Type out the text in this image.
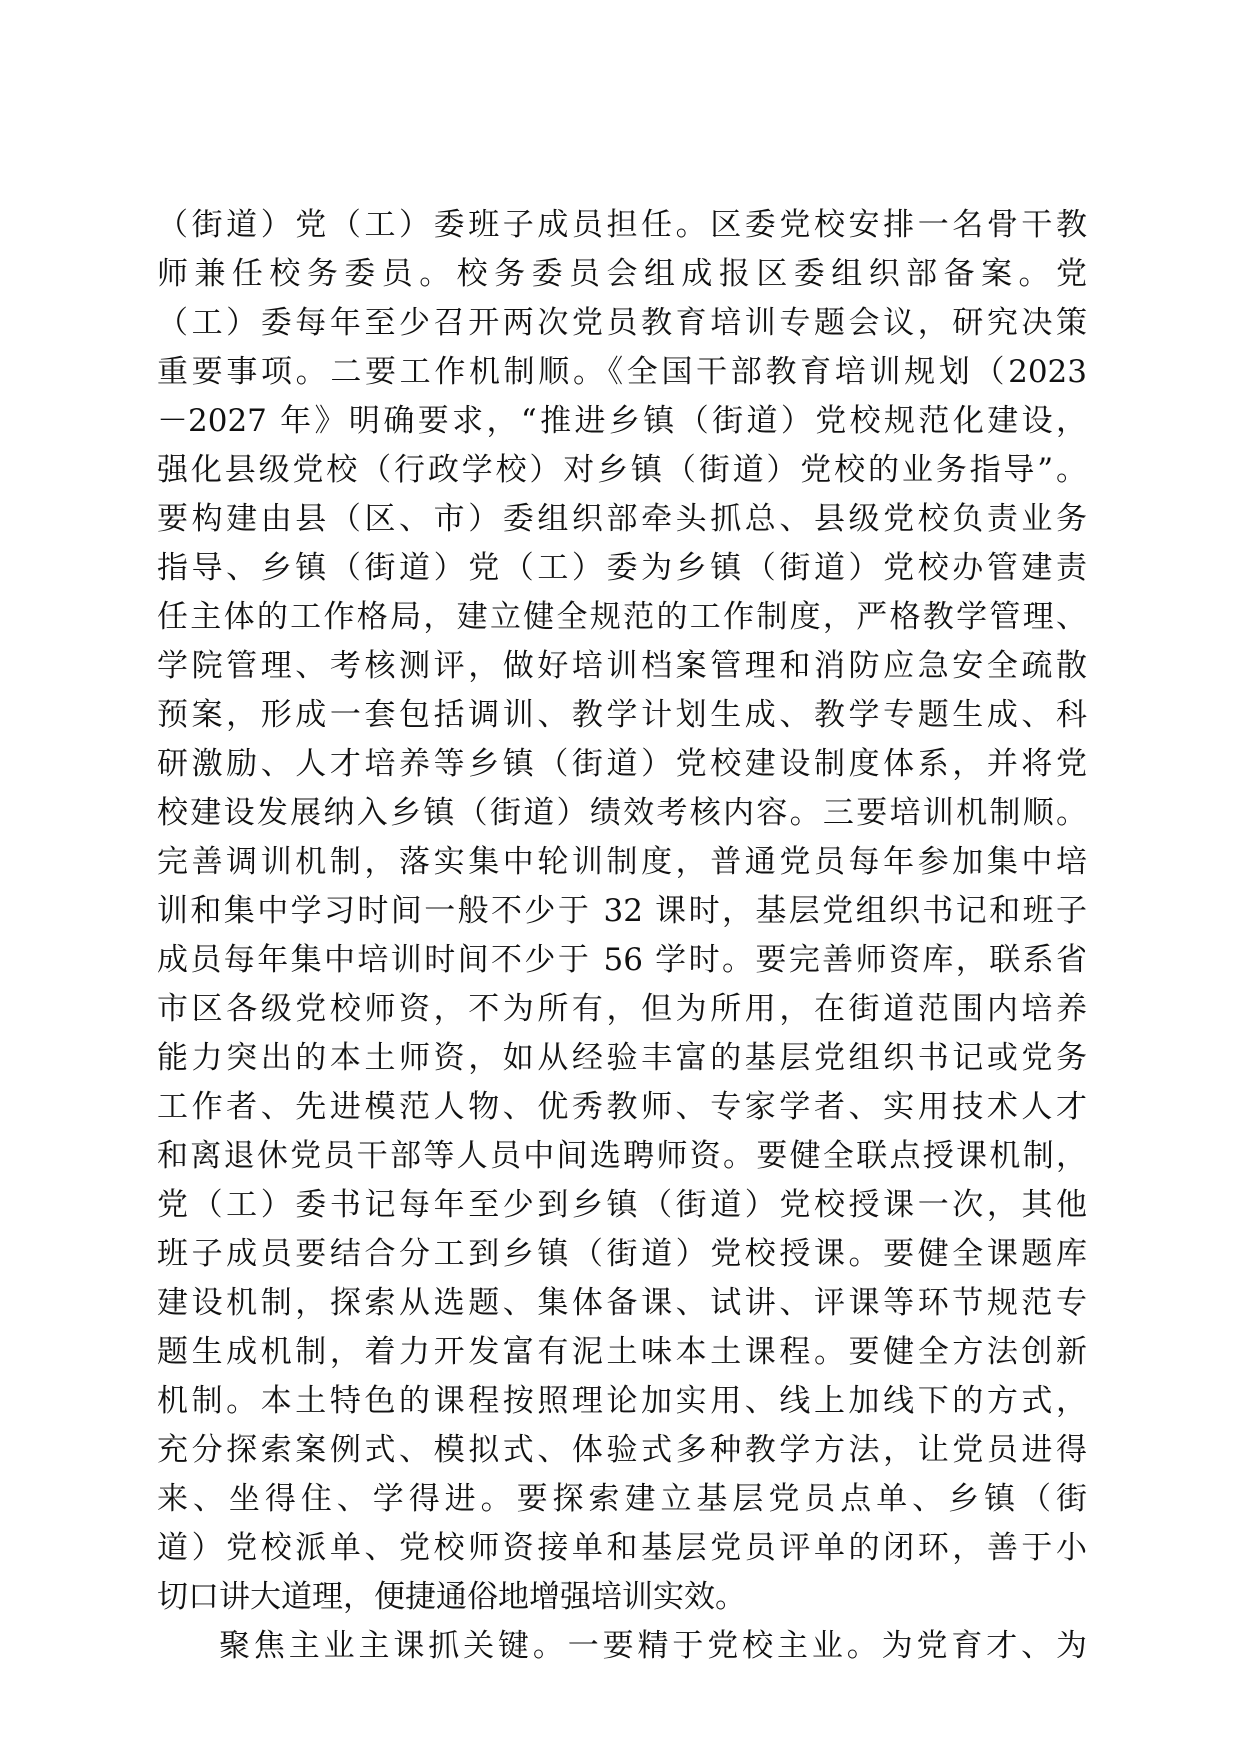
（街道）党（工）委班子成员担任。区委党校安排一名骨干教
师兼任校务委员。校务委员会组成报区委组织部备案。党
（工）委每年至少召开两次党员教育培训专题会议，研究决策
重要事项。二要工作机制顺。《全国干部教育培训规划（2023
－2027 年》明确要求，“推进乡镇（街道）党校规范化建设，
强化县级党校（行政学校）对乡镇（街道）党校的业务指导”。
要构建由县（区、市）委组织部牵头抓总、县级党校负责业务
指导、乡镇（街道）党（工）委为乡镇（街道）党校办管建责
任主体的工作格局，建立健全规范的工作制度，严格教学管理、
学院管理、考核测评，做好培训档案管理和消防应急安全疏散
预案，形成一套包括调训、教学计划生成、教学专题生成、科
研激励、人才培养等乡镇（街道）党校建设制度体系，并将党
校建设发展纳入乡镇（街道）绩效考核内容。三要培训机制顺。
完善调训机制，落实集中轮训制度，普通党员每年参加集中培
训和集中学习时间一般不少于 32 课时，基层党组织书记和班子
成员每年集中培训时间不少于 56 学时。要完善师资库，联系省
市区各级党校师资，不为所有，但为所用，在街道范围内培养
能力突出的本土师资，如从经验丰富的基层党组织书记或党务
工作者、先进模范人物、优秀教师、专家学者、实用技术人才
和离退休党员干部等人员中间选聘师资。要健全联点授课机制，
党（工）委书记每年至少到乡镇（街道）党校授课一次，其他
班子成员要结合分工到乡镇（街道）党校授课。要健全课题库
建设机制，探索从选题、集体备课、试讲、评课等环节规范专
题生成机制，着力开发富有泥土味本土课程。要健全方法创新
机制。本土特色的课程按照理论加实用、线上加线下的方式，
充分探索案例式、模拟式、体验式多种教学方法，让党员进得
来、坐得住、学得进。要探索建立基层党员点单、乡镇（街
道）党校派单、党校师资接单和基层党员评单的闭环，善于小
切口讲大道理，便捷通俗地增强培训实效。
聚焦主业主课抓关键。一要精于党校主业。为党育才、为
